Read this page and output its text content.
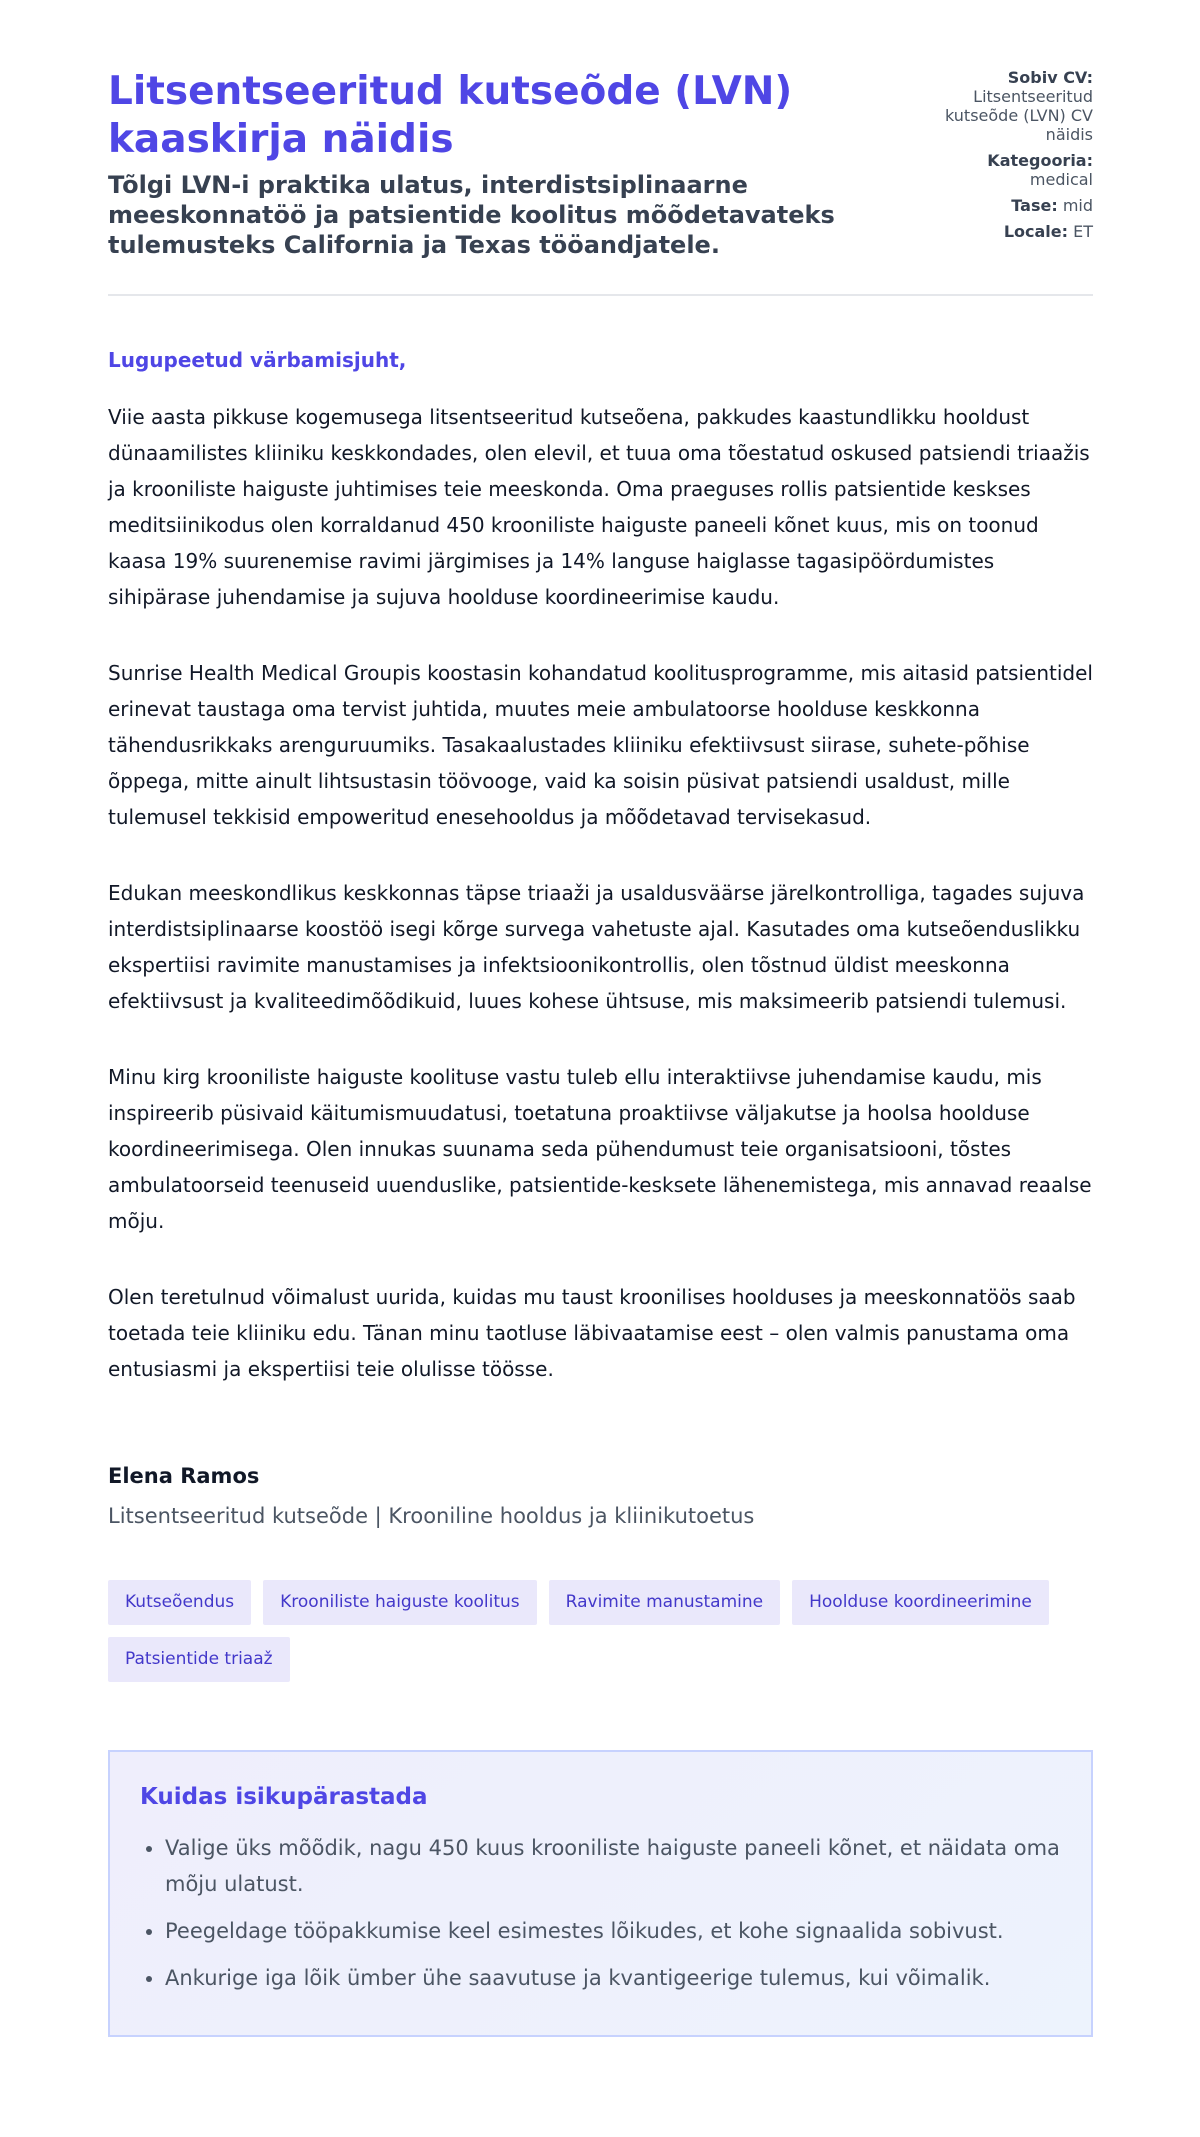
Litsentseeritud kutseõde (LVN) kaaskirja näidis
Tõlgi LVN-i praktika ulatus, interdistsiplinaarne meeskonnatöö ja patsientide koolitus mõõdetavateks tulemusteks California ja Texas tööandjatele.
Sobiv CV:
Litsentseeritud kutseõde (LVN) CV näidis
Kategooria:
medical
Tase: mid
Locale: ET

Lugupeetud värbamisjuht,

Viie aasta pikkuse kogemusega litsentseeritud kutseõena, pakkudes kaastundlikku hooldust dünaamilistes kliiniku keskkondades, olen elevil, et tuua oma tõestatud oskused patsiendi triaažis ja krooniliste haiguste juhtimises teie meeskonda. Oma praeguses rollis patsientide keskses meditsiinikodus olen korraldanud 450 krooniliste haiguste paneeli kõnet kuus, mis on toonud kaasa 19% suurenemise ravimi järgimises ja 14% languse haiglasse tagasipöördumistes sihipärase juhendamise ja sujuva hoolduse koordineerimise kaudu.

Sunrise Health Medical Groupis koostasin kohandatud koolitusprogramme, mis aitasid patsientidel erinevat taustaga oma tervist juhtida, muutes meie ambulatoorse hoolduse keskkonna tähendusrikkaks arenguruumiks. Tasakaalustades kliiniku efektiivsust siirase, suhete-põhise õppega, mitte ainult lihtsustasin töövooge, vaid ka soisin püsivat patsiendi usaldust, mille tulemusel tekkisid empoweritud enesehooldus ja mõõdetavad tervisekasud.

Edukan meeskondlikus keskkonnas täpse triaaži ja usaldusväärse järelkontrolliga, tagades sujuva interdistsiplinaarse koostöö isegi kõrge survega vahetuste ajal. Kasutades oma kutseõenduslikku ekspertiisi ravimite manustamises ja infektsioonikontrollis, olen tõstnud üldist meeskonna efektiivsust ja kvaliteedimõõdikuid, luues kohese ühtsuse, mis maksimeerib patsiendi tulemusi.

Minu kirg krooniliste haiguste koolituse vastu tuleb ellu interaktiivse juhendamise kaudu, mis inspireerib püsivaid käitumismuudatusi, toetatuna proaktiivse väljakutse ja hoolsa hoolduse koordineerimisega. Olen innukas suunama seda pühendumust teie organisatsiooni, tõstes ambulatoorseid teenuseid uuenduslike, patsientide-kesksete lähenemistega, mis annavad reaalse mõju.

Olen teretulnud võimalust uurida, kuidas mu taust kroonilises hoolduses ja meeskonnatöös saab toetada teie kliiniku edu. Tänan minu taotluse läbivaatamise eest – olen valmis panustama oma entusiasmi ja ekspertiisi teie olulisse töösse.

Elena Ramos

Litsentseeritud kutseõde | Krooniline hooldus ja kliinikutoetus

Kutseõendus	Krooniliste haiguste koolitus	Ravimite manustamine	Hoolduse koordineerimine
Patsientide triaaž
Kuidas isikupärastada
• Valige üks mõõdik, nagu 450 kuus krooniliste haiguste paneeli kõnet, et näidata oma mõju ulatust.
• Peegeldage tööpakkumise keel esimestes lõikudes, et kohe signaalida sobivust.
• Ankurige iga lõik ümber ühe saavutuse ja kvantigeerige tulemus, kui võimalik.
